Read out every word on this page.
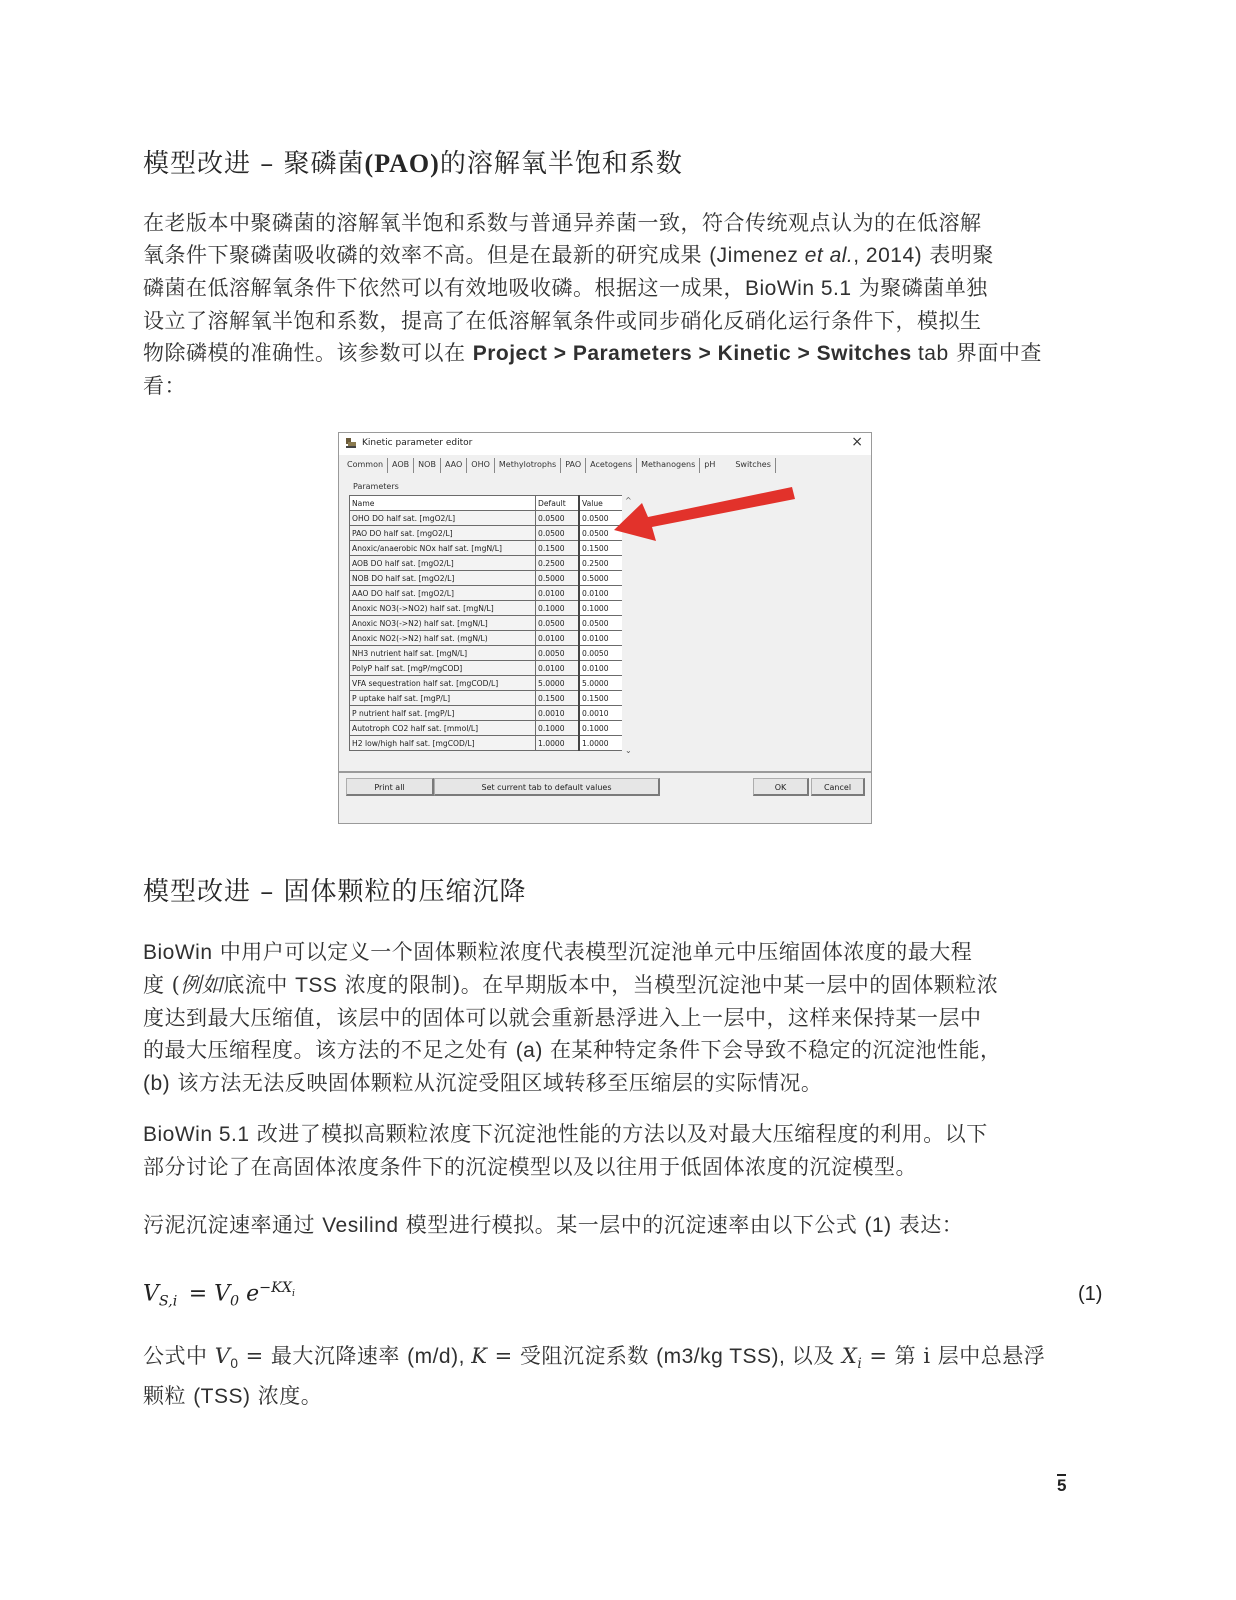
模型改进 – 聚磷菌(PAO)的溶解氧半饱和系数
在老版本中聚磷菌的溶解氧半饱和系数与普通异养菌一致，符合传统观点认为的在低溶解
氧条件下聚磷菌吸收磷的效率不高。但是在最新的研究成果 (Jimenez et al., 2014) 表明聚
磷菌在低溶解氧条件下依然可以有效地吸收磷。根据这一成果，BioWin 5.1 为聚磷菌单独
设立了溶解氧半饱和系数，提高了在低溶解氧条件或同步硝化反硝化运行条件下，模拟生
物除磷模的准确性。该参数可以在 Project > Parameters > Kinetic > Switches tab 界面中查
看：
Kinetic parameter editor	×
Common	AOB	NOB	AAO	OHO	Methylotrophs	PAO	Acetogens	Methanogens	pH	Switches
Parameters
Name	Default	Value
OHO DO half sat. [mgO2/L]	0.0500	0.0500
PAO DO half sat. [mgO2/L]	0.0500	0.0500
Anoxic/anaerobic NOx half sat. [mgN/L]	0.1500	0.1500
AOB DO half sat. [mgO2/L]	0.2500	0.2500
NOB DO half sat. [mgO2/L]	0.5000	0.5000
AAO DO half sat. [mgO2/L]	0.0100	0.0100
Anoxic NO3(->NO2) half sat. [mgN/L]	0.1000	0.1000
Anoxic NO3(->N2) half sat. [mgN/L]	0.0500	0.0500
Anoxic NO2(->N2) half sat. (mgN/L)	0.0100	0.0100
NH3 nutrient half sat. [mgN/L]	0.0050	0.0050
PolyP half sat. [mgP/mgCOD]	0.0100	0.0100
VFA sequestration half sat. [mgCOD/L]	5.0000	5.0000
P uptake half sat. [mgP/L]	0.1500	0.1500
P nutrient half sat. [mgP/L]	0.0010	0.0010
Autotroph CO2 half sat. [mmol/L]	0.1000	0.1000
H2 low/high half sat. [mgCOD/L]	1.0000	1.0000
^
⌄
Print all	Set current tab to default values	OK	Cancel
模型改进 – 固体颗粒的压缩沉降
BioWin 中用户可以定义一个固体颗粒浓度代表模型沉淀池单元中压缩固体浓度的最大程
度 (例如底流中 TSS 浓度的限制)。在早期版本中，当模型沉淀池中某一层中的固体颗粒浓
度达到最大压缩值，该层中的固体可以就会重新悬浮进入上一层中，这样来保持某一层中
的最大压缩程度。该方法的不足之处有 (a) 在某种特定条件下会导致不稳定的沉淀池性能，
(b) 该方法无法反映固体颗粒从沉淀受阻区域转移至压缩层的实际情况。
BioWin 5.1 改进了模拟高颗粒浓度下沉淀池性能的方法以及对最大压缩程度的利用。以下
部分讨论了在高固体浓度条件下的沉淀模型以及以往用于低固体浓度的沉淀模型。
污泥沉淀速率通过 Vesilind 模型进行模拟。某一层中的沉淀速率由以下公式 (1) 表达：
$V_{S,i} = V_0$ $e^{-KX_i}$	(1)
公式中 $V_0$ = 最大沉降速率 (m/d), K = 受阻沉淀系数 (m3/kg TSS), 以及 $X_i$ = 第 i 层中总悬浮
颗粒 (TSS) 浓度。
5
